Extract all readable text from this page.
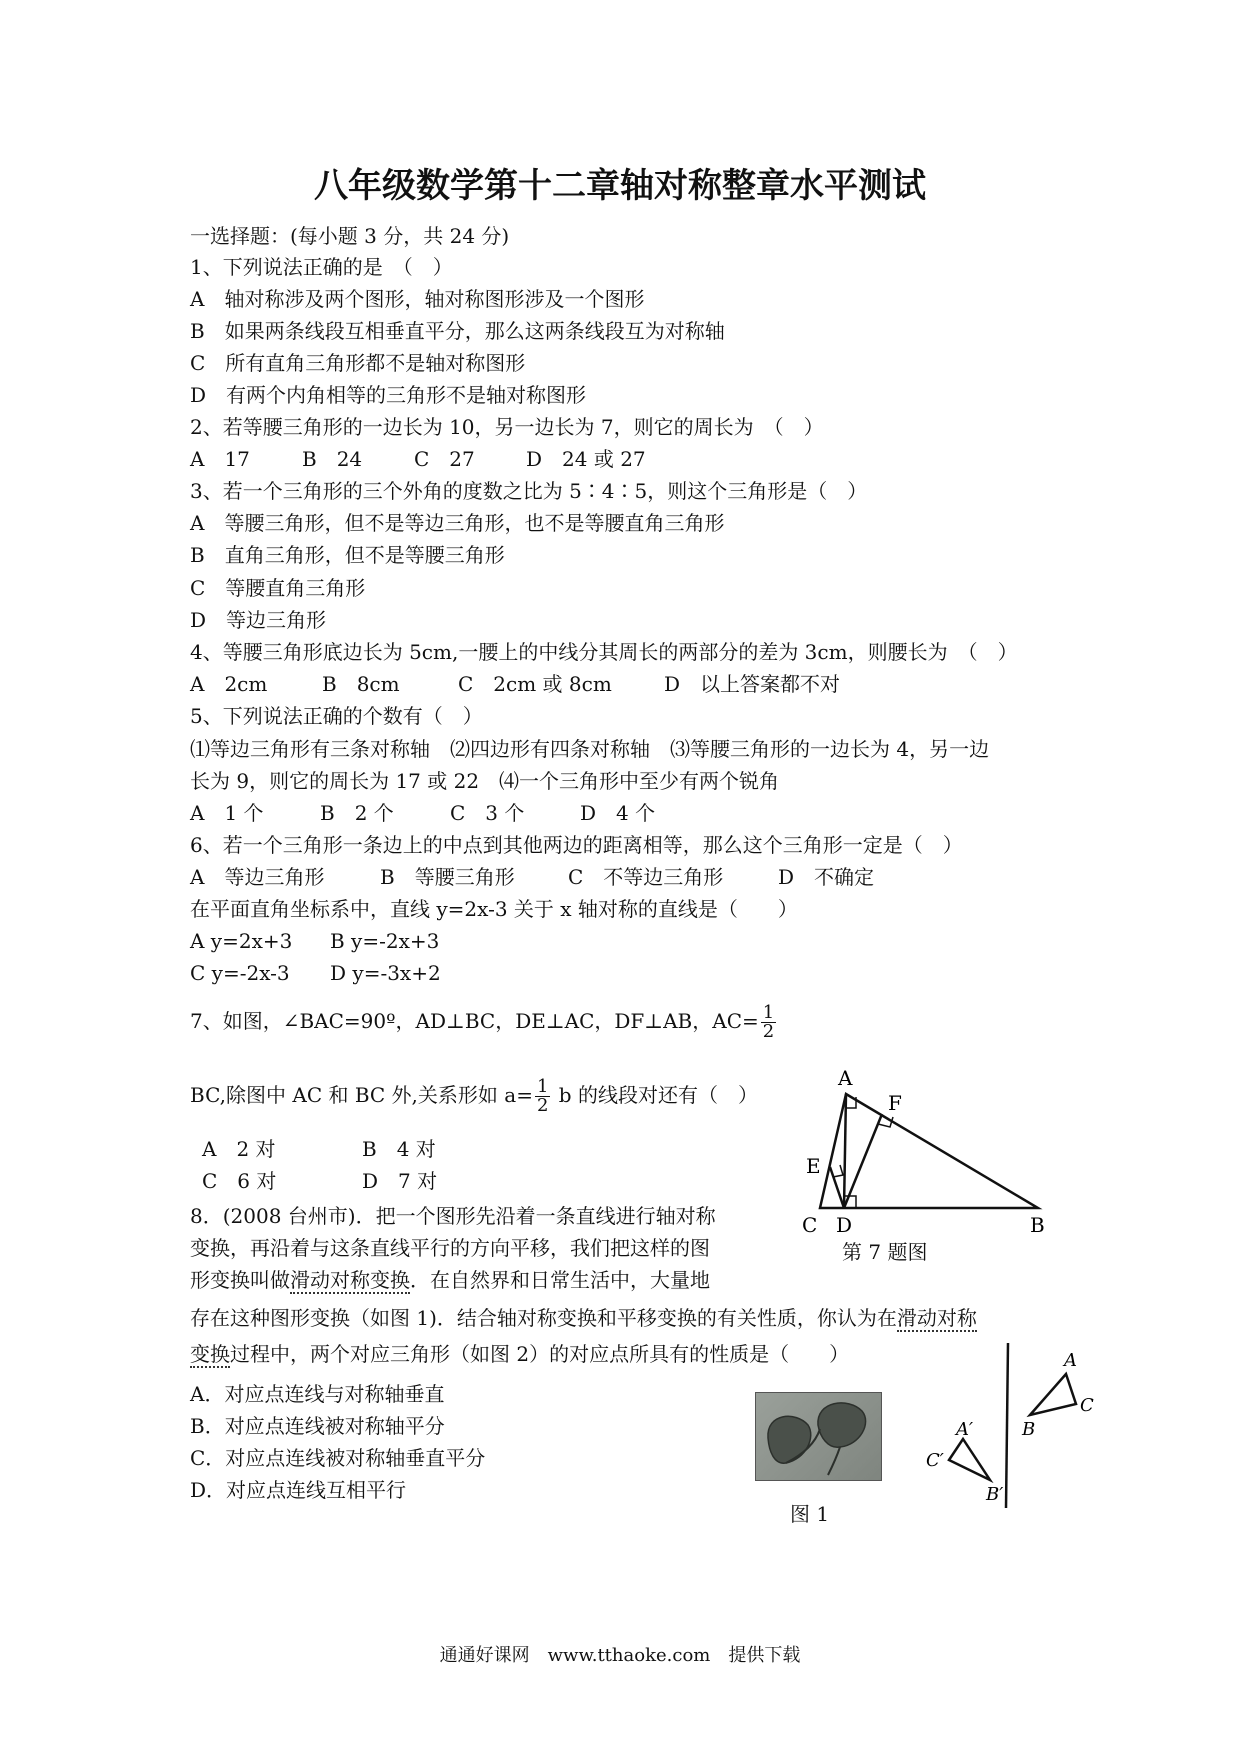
八年级数学第十二章轴对称整章水平测试
一选择题：(每小题 3 分，共 24 分)
1、下列说法正确的是　（　）
A　轴对称涉及两个图形，轴对称图形涉及一个图形
B　如果两条线段互相垂直平分，那么这两条线段互为对称轴
C　所有直角三角形都不是轴对称图形
D　有两个内角相等的三角形不是轴对称图形
2、若等腰三角形的一边长为 10，另一边长为 7，则它的周长为　（　）
A　17	B　24	C　27	D　24 或 27
3、若一个三角形的三个外角的度数之比为 5∶4∶5，则这个三角形是（　）
A　等腰三角形，但不是等边三角形，也不是等腰直角三角形
B　直角三角形，但不是等腰三角形
C　等腰直角三角形
D　等边三角形
4、等腰三角形底边长为 5cm,一腰上的中线分其周长的两部分的差为 3cm，则腰长为　（　）
A　2cm	B　8cm	C　2cm 或 8cm	D　以上答案都不对
5、下列说法正确的个数有（　）
⑴等边三角形有三条对称轴　⑵四边形有四条对称轴　⑶等腰三角形的一边长为 4，另一边
长为 9，则它的周长为 17 或 22　⑷一个三角形中至少有两个锐角
A　1 个	B　2 个	C　3 个	D　4 个
6、若一个三角形一条边上的中点到其他两边的距离相等，那么这个三角形一定是（　）
A　等边三角形	B　等腰三角形	C　不等边三角形	D　不确定
在平面直角坐标系中，直线 y=2x-3 关于 x 轴对称的直线是（　　）
A y=2x+3 B y=-2x+3
C y=-2x-3 D y=-3x+2
7、如图，∠BAC=90º，AD⊥BC，DE⊥AC，DF⊥AB，$AC= \frac{1}{2}$
BC,除图中 AC 和 BC 外,关系形如 $a= \frac{1}{2}$ b 的线段对还有（　）
A　2 对	B　4 对
C　6 对	D　7 对
A
F
E
C D	B
第 7 题图
8．(2008 台州市)．把一个图形先沿着一条直线进行轴对称
变换，再沿着与这条直线平行的方向平移，我们把这样的图
形变换叫做滑动对称变换．在自然界和日常生活中，大量地
存在这种图形变换（如图 1)．结合轴对称变换和平移变换的有关性质，你认为在滑动对称
变换过程中，两个对应三角形（如图 2）的对应点所具有的性质是（　　）
A．对应点连线与对称轴垂直
B．对应点连线被对称轴平分
C．对应点连线被对称轴垂直平分
D．对应点连线互相平行
图 1
A
C
B
A′
C′
B′
通通好课网　www.tthaoke.com　提供下载
